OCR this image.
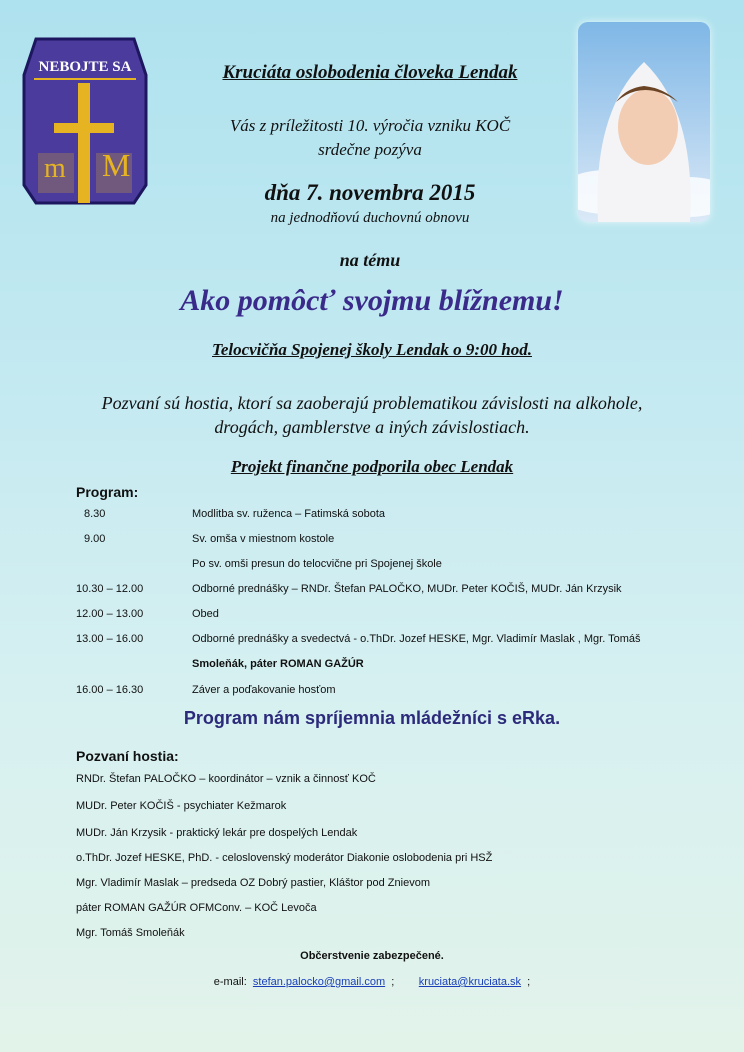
NEBOJTE SA
m M
Kruciáta oslobodenia človeka Lendak
Vás z príležitosti 10. výročia vzniku KOČ
srdečne pozýva
dňa 7. novembra 2015
na jednodňovú duchovnú obnovu
na tému
Ako pomôcť svojmu blížnemu!
Telocvičňa Spojenej školy Lendak o 9:00 hod.
Pozvaní sú hostia, ktorí sa zaoberajú problematikou závislosti na alkohole,
drogách, gamblerstve a iných závislostiach.
Projekt finančne podporila obec Lendak
Program:
8.30	Modlitba sv. ruženca – Fatimská sobota
9.00	Sv. omša v miestnom kostole
Po sv. omši presun do telocvične pri Spojenej škole
10.30 – 12.00	Odborné prednášky – RNDr. Štefan PALOČKO, MUDr. Peter KOČIŠ, MUDr. Ján Krzysik
12.00 – 13.00	Obed
13.00 – 16.00	Odborné prednášky a svedectvá - o.ThDr. Jozef HESKE, Mgr. Vladimír Maslak , Mgr. Tomáš
Smoleňák, páter ROMAN GAŽÚR
16.00 – 16.30	Záver a poďakovanie hosťom
Program nám spríjemnia mládežníci s eRka.
Pozvaní hostia:
RNDr. Štefan PALOČKO – koordinátor – vznik a činnosť KOČ
MUDr. Peter KOČIŠ - psychiater Kežmarok
MUDr. Ján Krzysik - praktický lekár pre dospelých Lendak
o.ThDr. Jozef HESKE, PhD. - celoslovenský moderátor Diakonie oslobodenia pri HSŽ
Mgr. Vladimír Maslak – predseda OZ Dobrý pastier, Kláštor pod Znievom
páter ROMAN GAŽÚR OFMConv. – KOČ Levoča
Mgr. Tomáš Smoleňák
Občerstvenie zabezpečené.
e-mail: stefan.palocko@gmail.com ; kruciata@kruciata.sk ;
